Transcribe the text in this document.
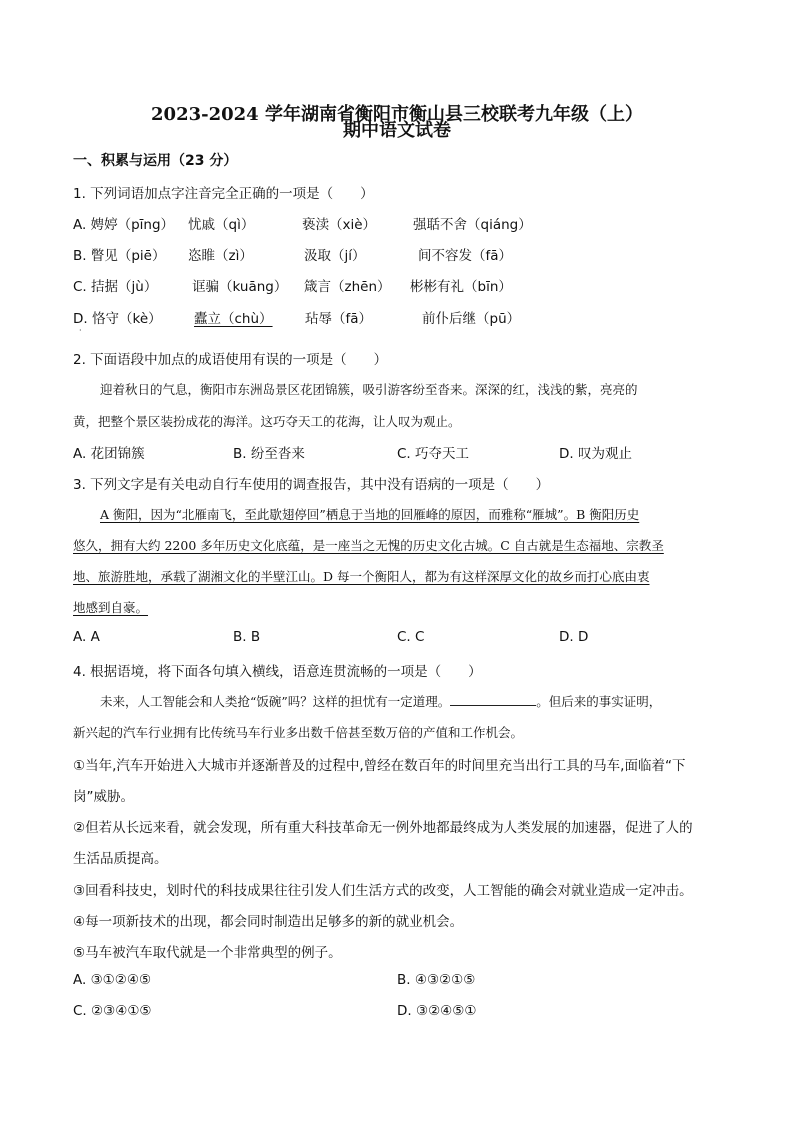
2023-2024 学年湖南省衡阳市衡山县三校联考九年级（上）
期中语文试卷
一、积累与运用（23 分）
1. 下列词语加点字注音完全正确的一项是（　　）
A. 娉婷（pīng） 忧戚（qì）	亵渎（xiè）	强聒不舍（qiáng）
B. 瞥见（piē） 恣睢（zì）	汲取（jí）	间不容发（fā）
C. 拮据（jù）	诓骗（kuāng） 箴言（zhēn） 彬彬有礼（bīn）
D. 恪守（kè） 蠹立（chù） 玷辱（fā）	前仆后继（pū）
·
2. 下面语段中加点的成语使用有误的一项是（　　）
迎着秋日的气息，衡阳市东洲岛景区花团锦簇，吸引游客纷至沓来。深深的红，浅浅的紫，亮亮的
黄，把整个景区装扮成花的海洋。这巧夺天工的花海，让人叹为观止。
A. 花团锦簇	B. 纷至沓来	C. 巧夺天工	D. 叹为观止
3. 下列文字是有关电动自行车使用的调查报告，其中没有语病的一项是（　　）
A 衡阳，因为“北雁南飞，至此歇翅停回”栖息于当地的回雁峰的原因，而雅称“雁城”。B 衡阳历史
悠久，拥有大约 2200 多年历史文化底蕴，是一座当之无愧的历史文化古城。C 自古就是生态福地、宗教圣
地、旅游胜地，承载了湖湘文化的半壁江山。D 每一个衡阳人，都为有这样深厚文化的故乡而打心底由衷
地感到自豪。
A. A	B. B	C. C	D. D
4. 根据语境，将下面各句填入横线，语意连贯流畅的一项是（　　）
未来，人工智能会和人类抢“饭碗”吗？这样的担忧有一定道理。	。但后来的事实证明，
新兴起的汽车行业拥有比传统马车行业多出数千倍甚至数万倍的产值和工作机会。
①当年,汽车开始进入大城市并逐渐普及的过程中,曾经在数百年的时间里充当出行工具的马车,面临着“下
岗”威胁。
②但若从长远来看，就会发现，所有重大科技革命无一例外地都最终成为人类发展的加速器，促进了人的
生活品质提高。
③回看科技史，划时代的科技成果往往引发人们生活方式的改变，人工智能的确会对就业造成一定冲击。
④每一项新技术的出现，都会同时制造出足够多的新的就业机会。
⑤马车被汽车取代就是一个非常典型的例子。
A. ③①②④⑤	B. ④③②①⑤
C. ②③④①⑤	D. ③②④⑤①
